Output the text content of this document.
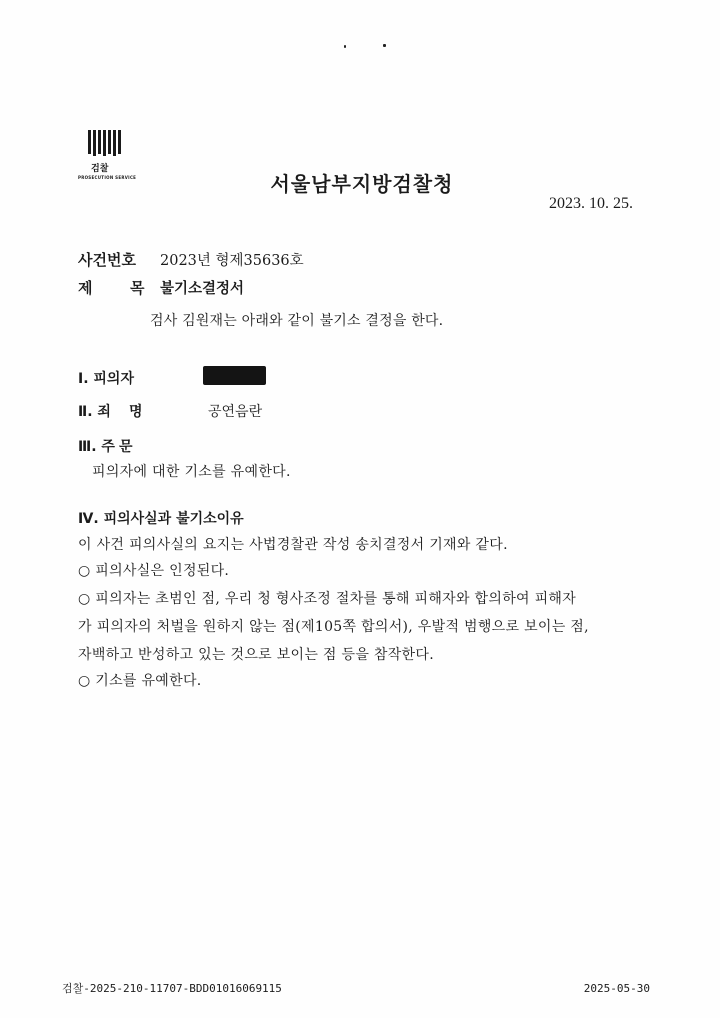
검찰
PROSECUTION SERVICE	서울남부지방검찰청
2023. 10. 25.
사건번호 2023년 형제35636호
제	목 불기소결정서
검사 김원재는 아래와 같이 불기소 결정을 한다.
Ⅰ. 피의자
Ⅱ. 죄 명	공연음란
Ⅲ. 주 문
피의자에 대한 기소를 유예한다.
Ⅳ. 피의사실과 불기소이유
이 사건 피의사실의 요지는 사법경찰관 작성 송치결정서 기재와 같다.
○ 피의사실은 인정된다.
○ 피의자는 초범인 점, 우리 청 형사조정 절차를 통해 피해자와 합의하여 피해자
가 피의자의 처벌을 원하지 않는 점(제105쪽 합의서), 우발적 범행으로 보이는 점,
자백하고 반성하고 있는 것으로 보이는 점 등을 참작한다.
○ 기소를 유예한다.
검찰-2025-210-11707-BDD01016069115	2025-05-30
